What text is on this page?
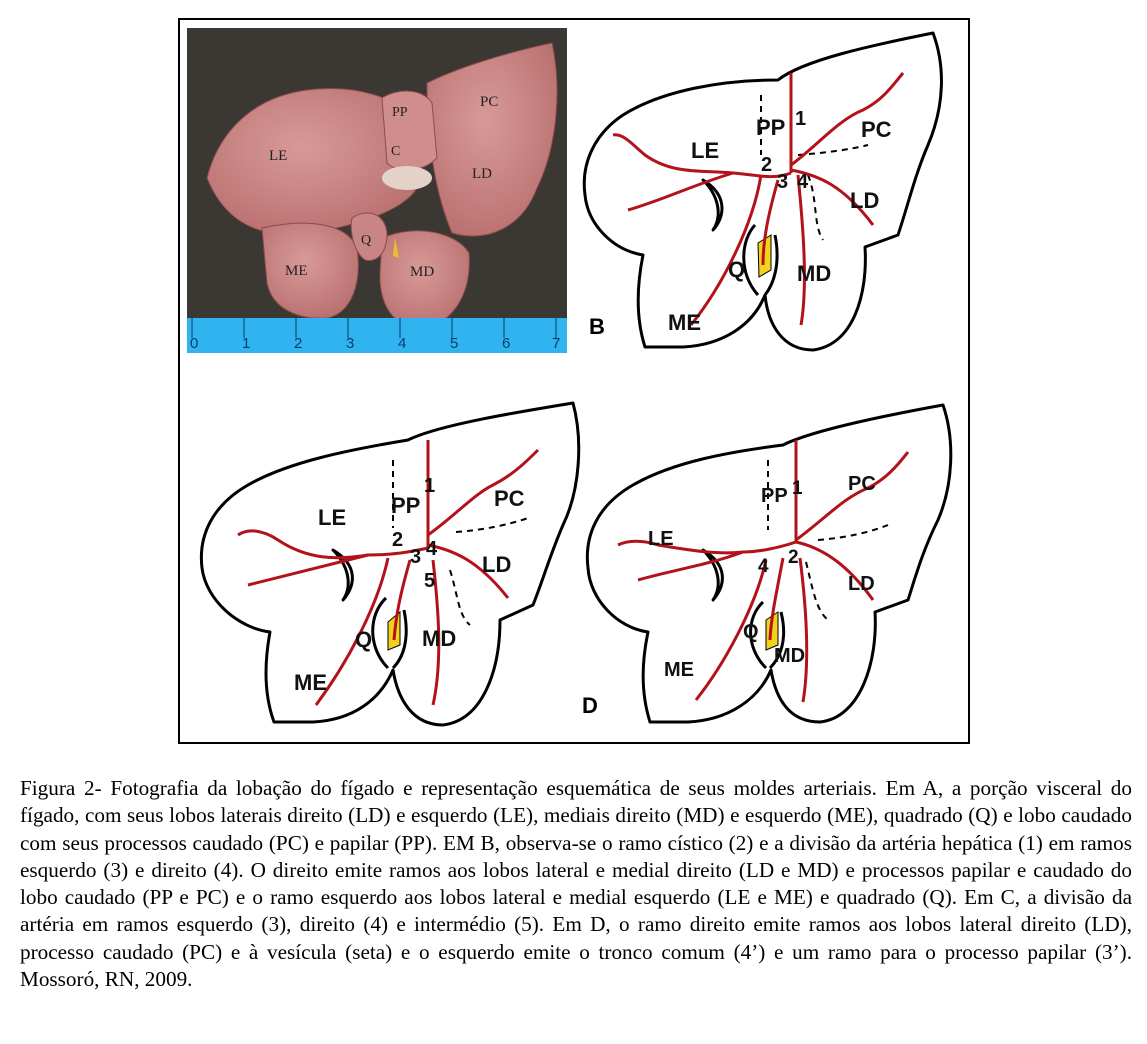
0	1	2	3	4	5	6	7
LE
PP
PC
C
LD
Q
ME	MD
LE
PP	PC
LD
Q MD
ME
1
2
3 4
B
LE PP	PC
LD
Q MD
ME
1
2
3 4
5
LE
PP
PC
LD
Q
MD
ME
1
2
4
D
Figura 2- Fotografia da lobação do fígado e representação esquemática de seus moldes arteriais. Em A, a porção visceral do fígado, com seus lobos laterais direito (LD) e esquerdo (LE), mediais direito (MD) e esquerdo (ME), quadrado (Q) e lobo caudado com seus processos caudado (PC) e papilar (PP). EM B, observa-se o ramo cístico (2) e a divisão da artéria hepática (1) em ramos esquerdo (3) e direito (4). O direito emite ramos aos lobos lateral e medial direito (LD e MD) e processos papilar e caudado do lobo caudado (PP e PC) e o ramo esquerdo aos lobos lateral e medial esquerdo (LE e ME) e quadrado (Q). Em C, a divisão da artéria em ramos esquerdo (3), direito (4) e intermédio (5). Em D, o ramo direito emite ramos aos lobos lateral direito (LD), processo caudado (PC) e à vesícula (seta) e o esquerdo emite o tronco comum (4’) e um ramo para o processo papilar (3’). Mossoró, RN, 2009.
